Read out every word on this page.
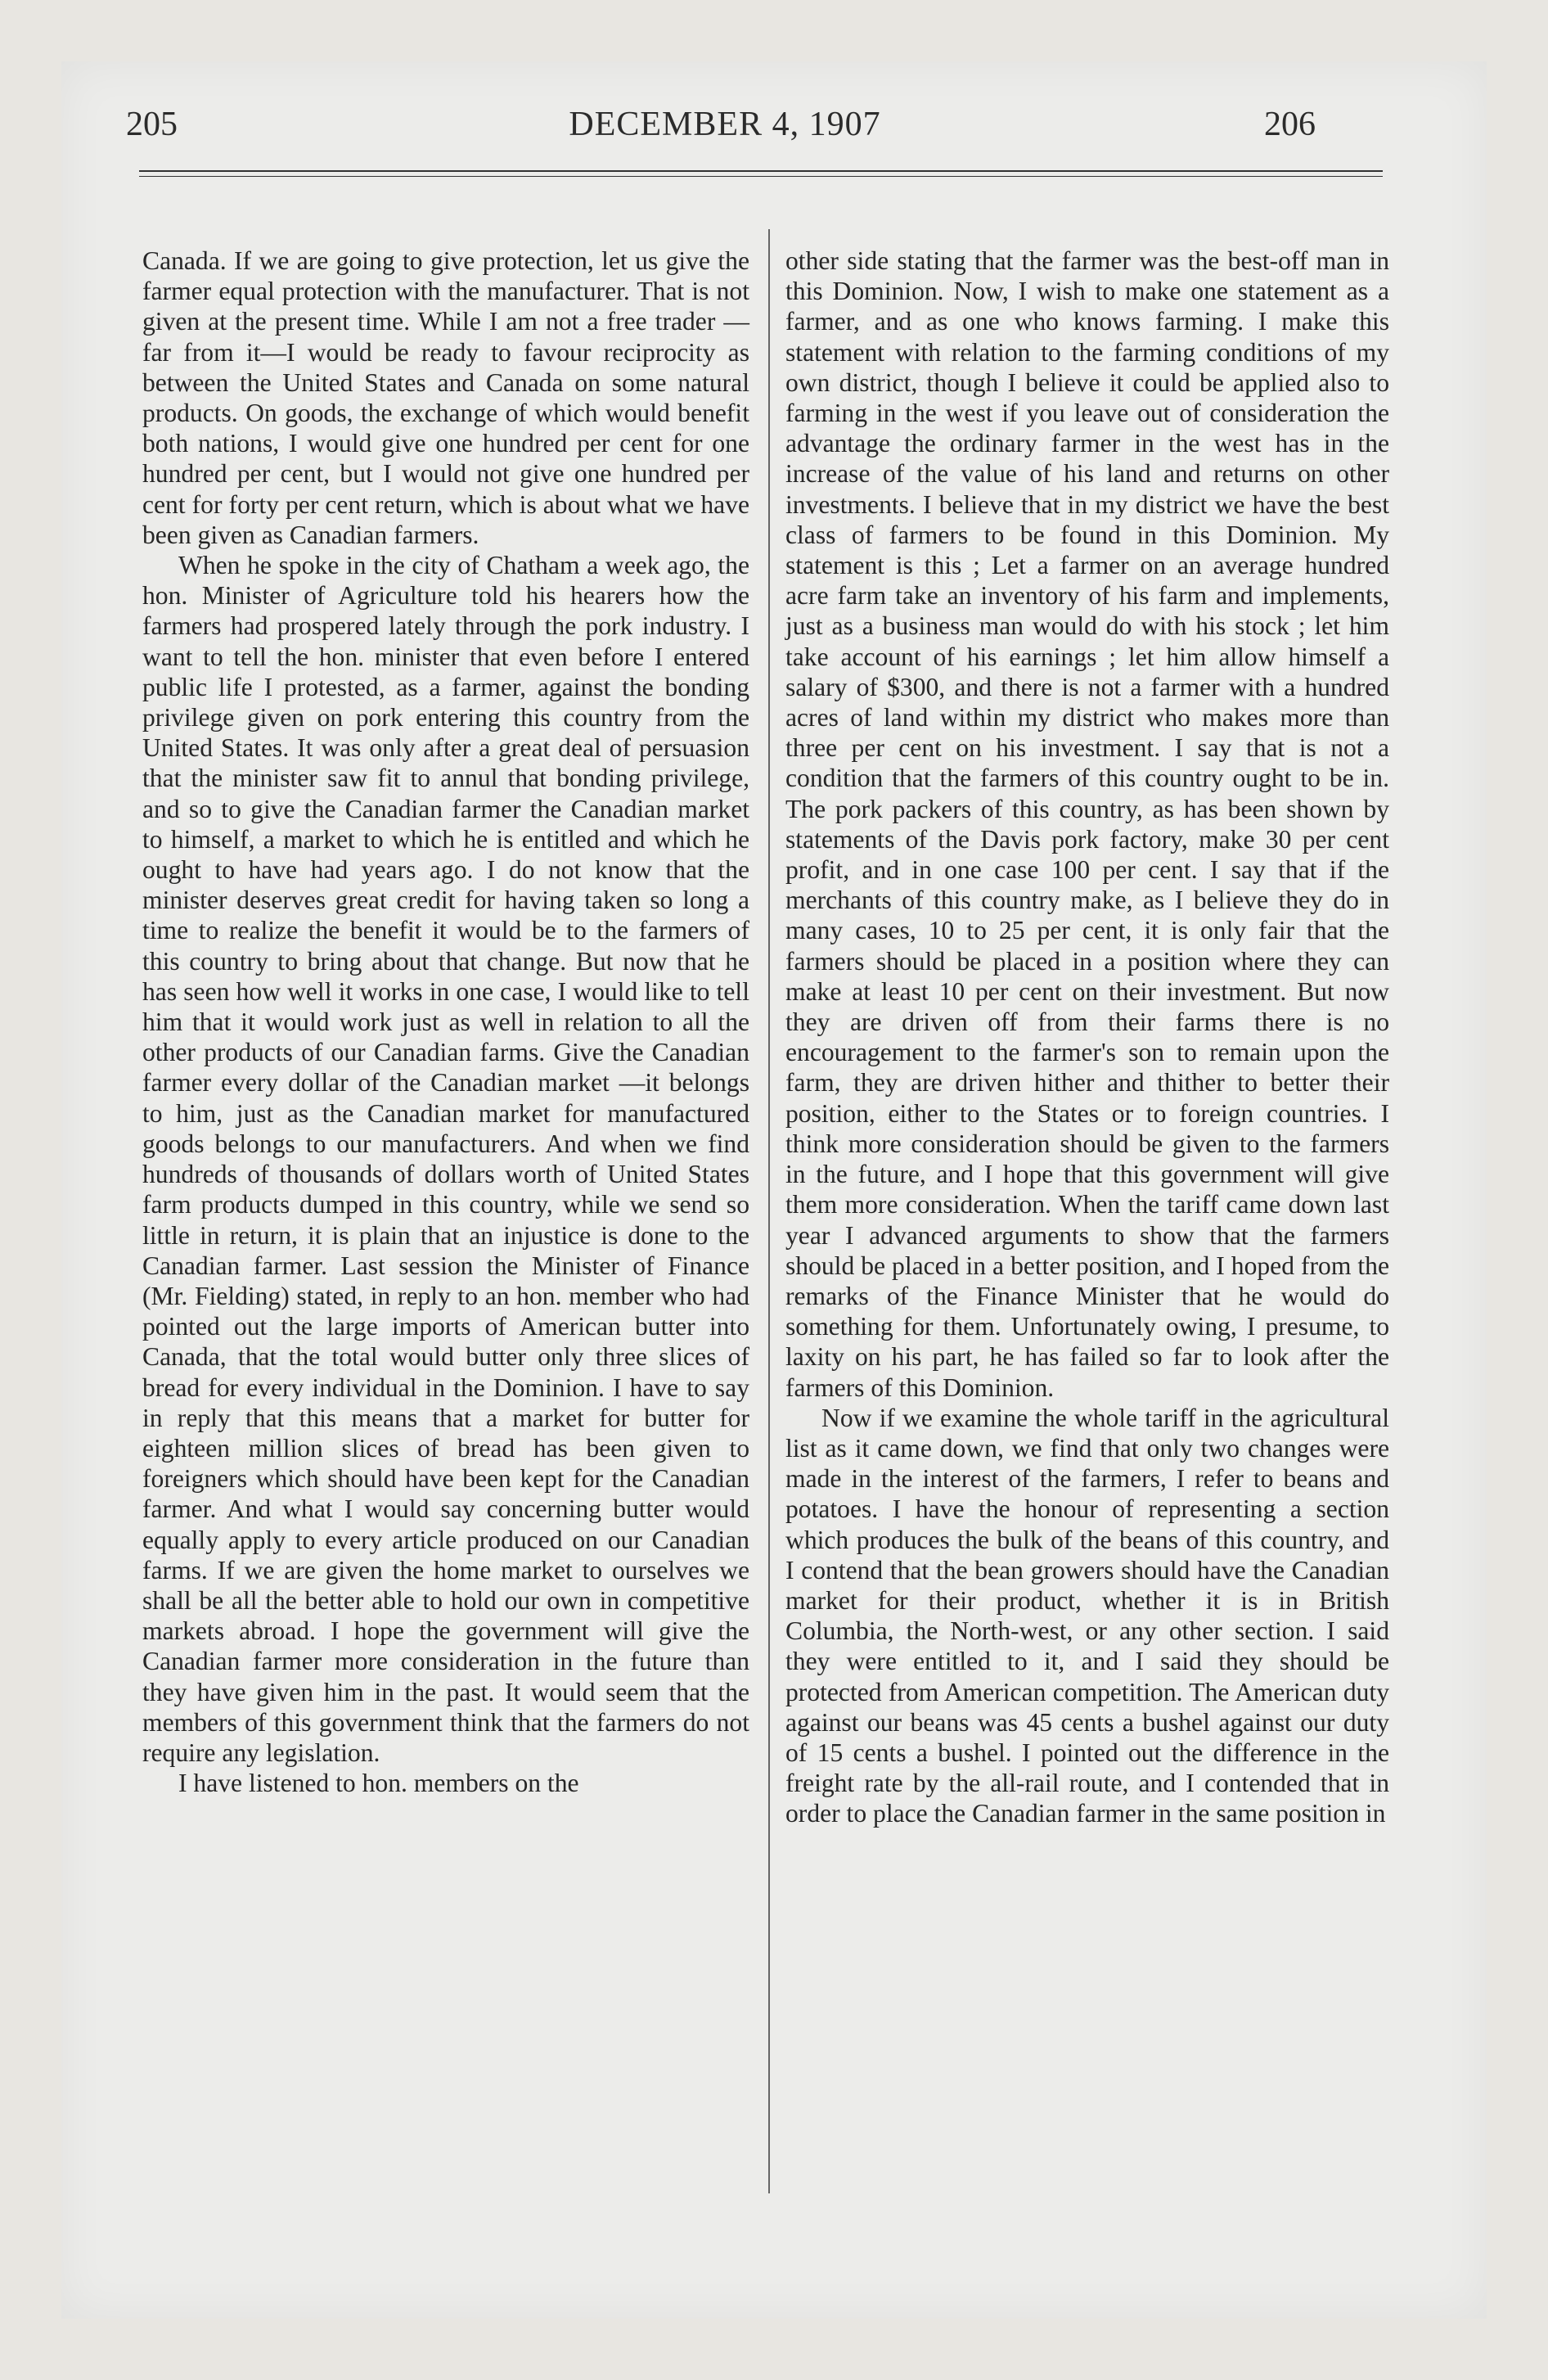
205	DECEMBER 4, 1907	206

Canada. If we are going to give protection, let us give the farmer equal protection with the manufacturer. That is not given at the present time. While I am not a free trader —far from it—I would be ready to favour reciprocity as between the United States and Canada on some natural products. On goods, the exchange of which would benefit both nations, I would give one hundred per cent for one hundred per cent, but I would not give one hundred per cent for forty per cent return, which is about what we have been given as Canadian farmers.

When he spoke in the city of Chatham a week ago, the hon. Minister of Agriculture told his hearers how the farmers had prospered lately through the pork industry. I want to tell the hon. minister that even before I entered public life I protested, as a farmer, against the bonding privilege given on pork entering this country from the United States. It was only after a great deal of persuasion that the minister saw fit to annul that bonding privilege, and so to give the Canadian farmer the Canadian market to himself, a market to which he is entitled and which he ought to have had years ago. I do not know that the minister deserves great credit for having taken so long a time to realize the benefit it would be to the farmers of this country to bring about that change. But now that he has seen how well it works in one case, I would like to tell him that it would work just as well in relation to all the other products of our Canadian farms. Give the Canadian farmer every dollar of the Canadian market —it belongs to him, just as the Canadian market for manufactured goods belongs to our manufacturers. And when we find hundreds of thousands of dollars worth of United States farm products dumped in this country, while we send so little in return, it is plain that an injustice is done to the Canadian farmer. Last session the Minister of Finance (Mr. Fielding) stated, in reply to an hon. member who had pointed out the large imports of American butter into Canada, that the total would butter only three slices of bread for every individual in the Dominion. I have to say in reply that this means that a market for butter for eighteen million slices of bread has been given to foreigners which should have been kept for the Canadian farmer. And what I would say concerning butter would equally apply to every article produced on our Canadian farms. If we are given the home market to ourselves we shall be all the better able to hold our own in competitive markets abroad. I hope the government will give the Canadian farmer more consideration in the future than they have given him in the past. It would seem that the members of this government think that the farmers do not require any legislation.

I have listened to hon. members on the

other side stating that the farmer was the best-off man in this Dominion. Now, I wish to make one statement as a farmer, and as one who knows farming. I make this statement with relation to the farming conditions of my own district, though I believe it could be applied also to farming in the west if you leave out of consideration the advantage the ordinary farmer in the west has in the increase of the value of his land and returns on other investments. I believe that in my district we have the best class of farmers to be found in this Dominion. My statement is this ; Let a farmer on an average hundred acre farm take an inventory of his farm and implements, just as a business man would do with his stock ; let him take account of his earnings ; let him allow himself a salary of $300, and there is not a farmer with a hundred acres of land within my district who makes more than three per cent on his investment. I say that is not a condition that the farmers of this country ought to be in. The pork packers of this country, as has been shown by statements of the Davis pork factory, make 30 per cent profit, and in one case 100 per cent. I say that if the merchants of this country make, as I believe they do in many cases, 10 to 25 per cent, it is only fair that the farmers should be placed in a position where they can make at least 10 per cent on their investment. But now they are driven off from their farms there is no encouragement to the farmer's son to remain upon the farm, they are driven hither and thither to better their position, either to the States or to foreign countries. I think more consideration should be given to the farmers in the future, and I hope that this government will give them more consideration. When the tariff came down last year I advanced arguments to show that the farmers should be placed in a better position, and I hoped from the remarks of the Finance Minister that he would do something for them. Unfortunately owing, I presume, to laxity on his part, he has failed so far to look after the farmers of this Dominion.

Now if we examine the whole tariff in the agricultural list as it came down, we find that only two changes were made in the interest of the farmers, I refer to beans and potatoes. I have the honour of representing a section which produces the bulk of the beans of this country, and I contend that the bean growers should have the Canadian market for their product, whether it is in British Columbia, the North-west, or any other section. I said they were entitled to it, and I said they should be protected from American competition. The American duty against our beans was 45 cents a bushel against our duty of 15 cents a bushel. I pointed out the difference in the freight rate by the all-rail route, and I contended that in order to place the Canadian farmer in the same position in
